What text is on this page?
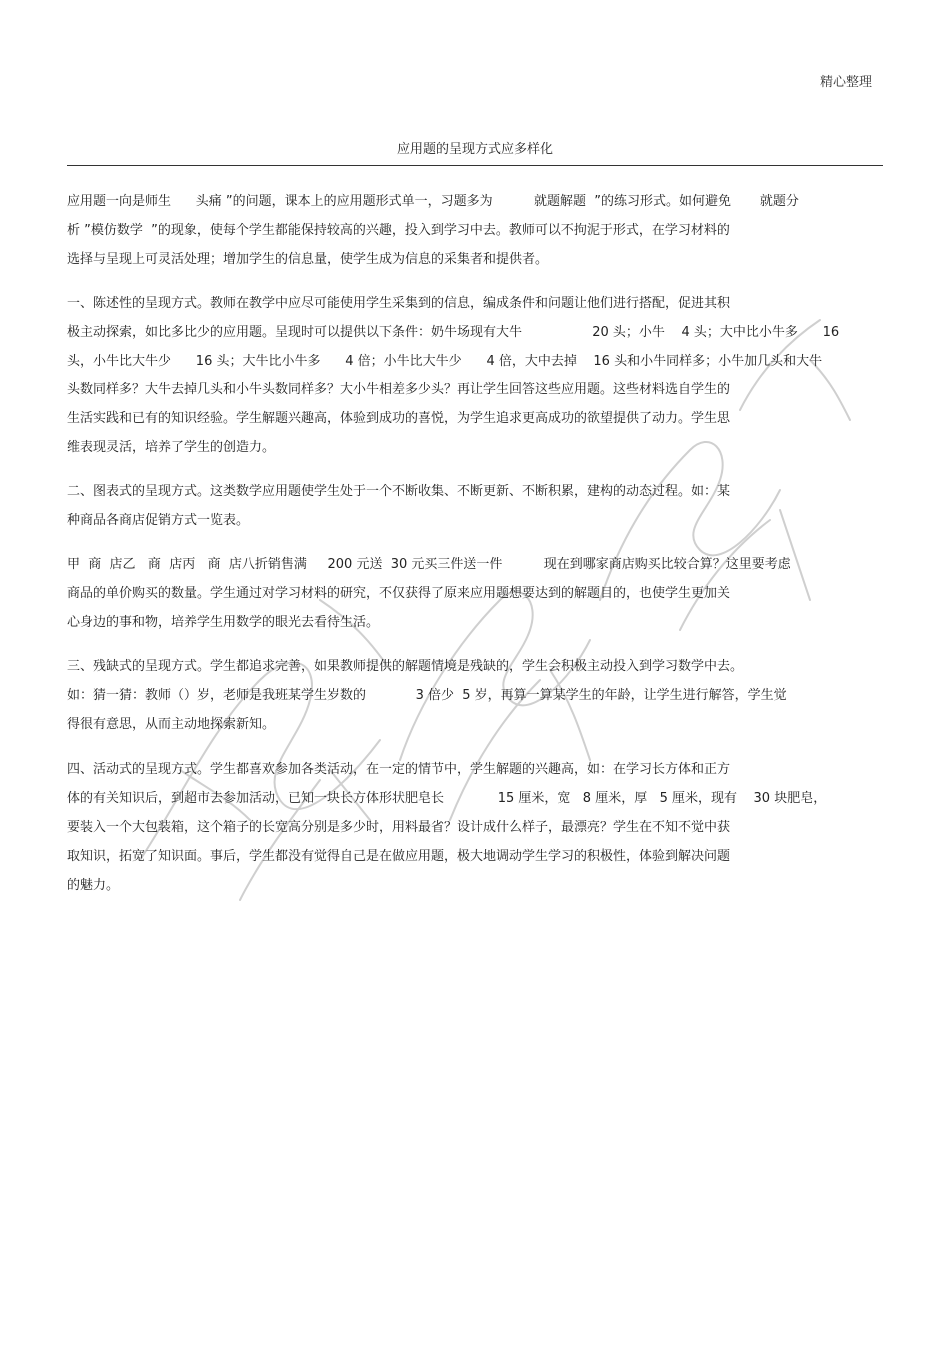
精心整理
应用题的呈现方式应多样化
应用题一向是师生      头痛 ”的问题，课本上的应用题形式单一，习题多为          就题解题  ”的练习形式。如何避免       就题分
析 ”模仿数学  ”的现象，使每个学生都能保持较高的兴趣，投入到学习中去。教师可以不拘泥于形式，在学习材料的
选择与呈现上可灵活处理；增加学生的信息量，使学生成为信息的采集者和提供者。
一、陈述性的呈现方式。教师在教学中应尽可能使用学生采集到的信息，编成条件和问题让他们进行搭配，促进其积
极主动探索，如比多比少的应用题。呈现时可以提供以下条件：奶牛场现有大牛                 20 头；小牛    4 头；大中比小牛多      16
头，小牛比大牛少      16 头；大牛比小牛多      4 倍；小牛比大牛少      4 倍，大中去掉    16 头和小牛同样多；小牛加几头和大牛
头数同样多？大牛去掉几头和小牛头数同样多？大小牛相差多少头？再让学生回答这些应用题。这些材料选自学生的
生活实践和已有的知识经验。学生解题兴趣高，体验到成功的喜悦，为学生追求更高成功的欲望提供了动力。学生思
维表现灵活，培养了学生的创造力。
二、图表式的呈现方式。这类数学应用题使学生处于一个不断收集、不断更新、不断积累，建构的动态过程。如：某
种商品各商店促销方式一览表。
甲  商  店乙   商  店丙   商  店八折销售满     200 元送  30 元买三件送一件          现在到哪家商店购买比较合算？这里要考虑
商品的单价购买的数量。学生通过对学习材料的研究，不仅获得了原来应用题想要达到的解题目的，也使学生更加关
心身边的事和物，培养学生用数学的眼光去看待生活。
三、残缺式的呈现方式。学生都追求完善，如果教师提供的解题情境是残缺的，学生会积极主动投入到学习数学中去。
如：猜一猜：教师（）岁，老师是我班某学生岁数的            3 倍少  5 岁，再算一算某学生的年龄，让学生进行解答，学生觉
得很有意思，从而主动地探索新知。
四、活动式的呈现方式。学生都喜欢参加各类活动，在一定的情节中，学生解题的兴趣高，如：在学习长方体和正方
体的有关知识后，到超市去参加活动，已知一块长方体形状肥皂长             15 厘米，宽   8 厘米，厚   5 厘米，现有    30 块肥皂，
要装入一个大包装箱，这个箱子的长宽高分别是多少时，用料最省？设计成什么样子，最漂亮？学生在不知不觉中获
取知识，拓宽了知识面。事后，学生都没有觉得自己是在做应用题，极大地调动学生学习的积极性，体验到解决问题
的魅力。
